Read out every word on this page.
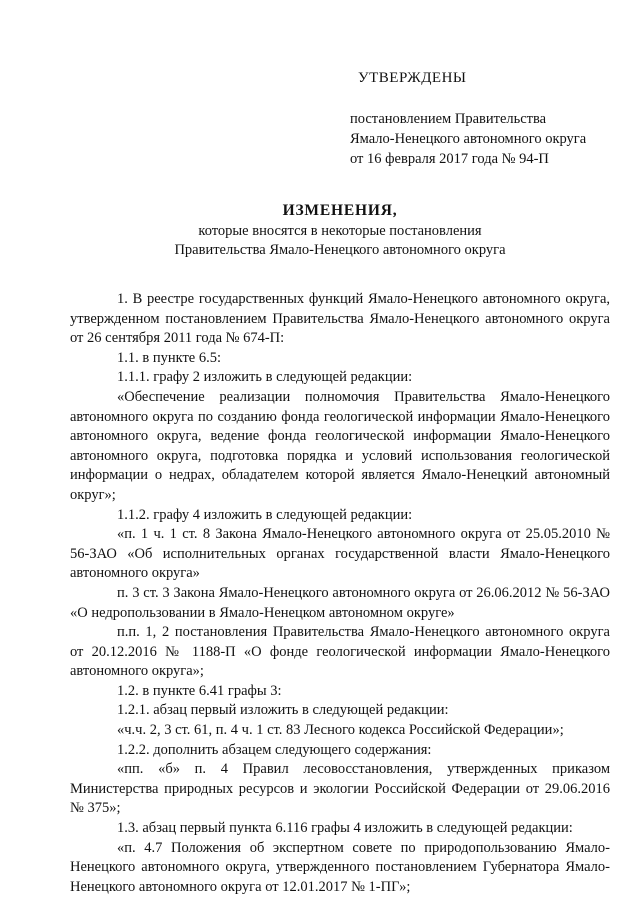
УТВЕРЖДЕНЫ
постановлением Правительства
Ямало-Ненецкого автономного округа
от 16 февраля 2017 года № 94-П
ИЗМЕНЕНИЯ,
которые вносятся в некоторые постановления
Правительства Ямало-Ненецкого автономного округа

1. В реестре государственных функций Ямало-Ненецкого автономного округа, утвержденном постановлением Правительства Ямало-Ненецкого автономного округа от 26 сентября 2011 года № 674-П:

1.1. в пункте 6.5:

1.1.1. графу 2 изложить в следующей редакции:

«Обеспечение реализации полномочия Правительства Ямало-Ненецкого автономного округа по созданию фонда геологической информации Ямало-Ненецкого автономного округа, ведение фонда геологической информации Ямало-Ненецкого автономного округа, подготовка порядка и условий использования геологической информации о недрах, обладателем которой является Ямало-Ненецкий автономный округ»;

1.1.2. графу 4 изложить в следующей редакции:

«п. 1 ч. 1 ст. 8 Закона Ямало-Ненецкого автономного округа от 25.05.2010 № 56-ЗАО «Об исполнительных органах государственной власти Ямало-Ненецкого автономного округа»

п. 3 ст. 3 Закона Ямало-Ненецкого автономного округа от 26.06.2012 № 56-ЗАО «О недропользовании в Ямало-Ненецком автономном округе»

п.п. 1, 2 постановления Правительства Ямало-Ненецкого автономного округа от 20.12.2016 № 1188-П «О фонде геологической информации Ямало-Ненецкого автономного округа»;

1.2. в пункте 6.41 графы 3:

1.2.1. абзац первый изложить в следующей редакции:

«ч.ч. 2, 3 ст. 61, п. 4 ч. 1 ст. 83 Лесного кодекса Российской Федерации»;

1.2.2. дополнить абзацем следующего содержания:

«пп. «б» п. 4 Правил лесовосстановления, утвержденных приказом Министерства природных ресурсов и экологии Российской Федерации от 29.06.2016 № 375»;

1.3. абзац первый пункта 6.116 графы 4 изложить в следующей редакции:

«п. 4.7 Положения об экспертном совете по природопользованию Ямало-Ненецкого автономного округа, утвержденного постановлением Губернатора Ямало-Ненецкого автономного округа от 12.01.2017 № 1-ПГ»;
